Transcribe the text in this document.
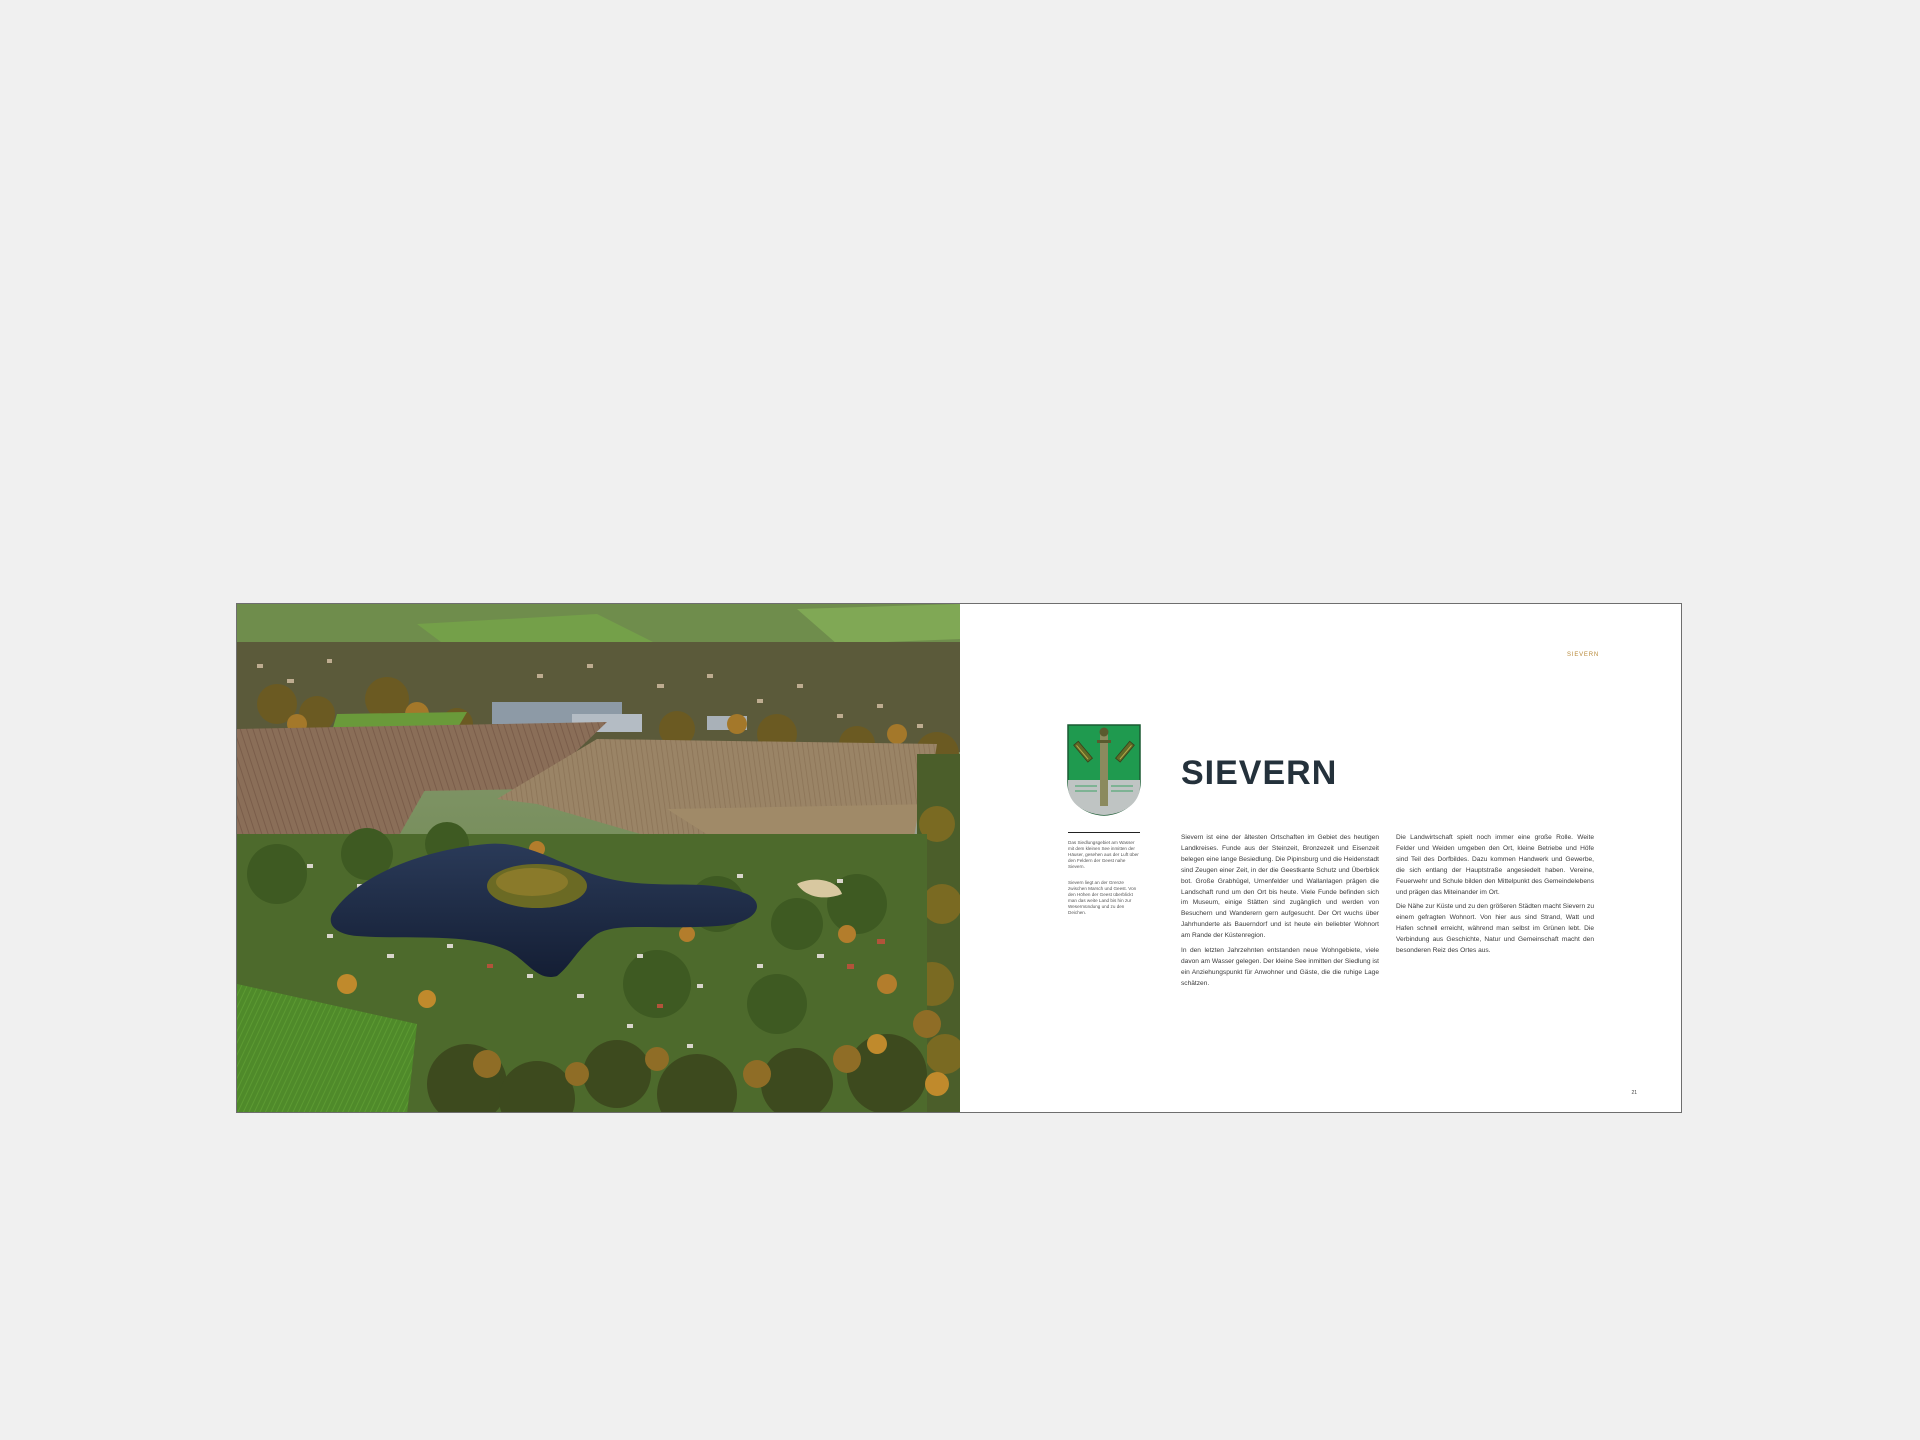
SIEVERN
SIEVERN

Das Siedlungsgebiet am Wasser mit dem kleinen See inmitten der Häuser, gesehen aus der Luft über den Feldern der Geest nahe Sievern.

Sievern liegt an der Grenze zwischen Marsch und Geest. Von den Höhen der Geest überblickt man das weite Land bis hin zur Wesermündung und zu den Deichen.

Sievern ist eine der ältesten Ortschaften im Gebiet des heutigen Landkreises. Funde aus der Steinzeit, Bronzezeit und Eisenzeit belegen eine lange Besiedlung. Die Pipinsburg und die Heidenstadt sind Zeugen einer Zeit, in der die Geestkante Schutz und Überblick bot. Große Grabhügel, Urnenfelder und Wallanlagen prägen die Landschaft rund um den Ort bis heute. Viele Funde befinden sich im Museum, einige Stätten sind zugänglich und werden von Besuchern und Wanderern gern aufgesucht. Der Ort wuchs über Jahrhunderte als Bauerndorf und ist heute ein beliebter Wohnort am Rande der Küstenregion.

In den letzten Jahrzehnten entstanden neue Wohngebiete, viele davon am Wasser gelegen. Der kleine See inmitten der Siedlung ist ein Anziehungspunkt für Anwohner und Gäste, die die ruhige Lage schätzen.

Die Landwirtschaft spielt noch immer eine große Rolle. Weite Felder und Weiden umgeben den Ort, kleine Betriebe und Höfe sind Teil des Dorfbildes. Dazu kommen Handwerk und Gewerbe, die sich entlang der Hauptstraße angesiedelt haben. Vereine, Feuerwehr und Schule bilden den Mittelpunkt des Gemeindelebens und prägen das Miteinander im Ort.

Die Nähe zur Küste und zu den größeren Städten macht Sievern zu einem gefragten Wohnort. Von hier aus sind Strand, Watt und Hafen schnell erreicht, während man selbst im Grünen lebt. Die Verbindung aus Geschichte, Natur und Gemeinschaft macht den besonderen Reiz des Ortes aus.

21
